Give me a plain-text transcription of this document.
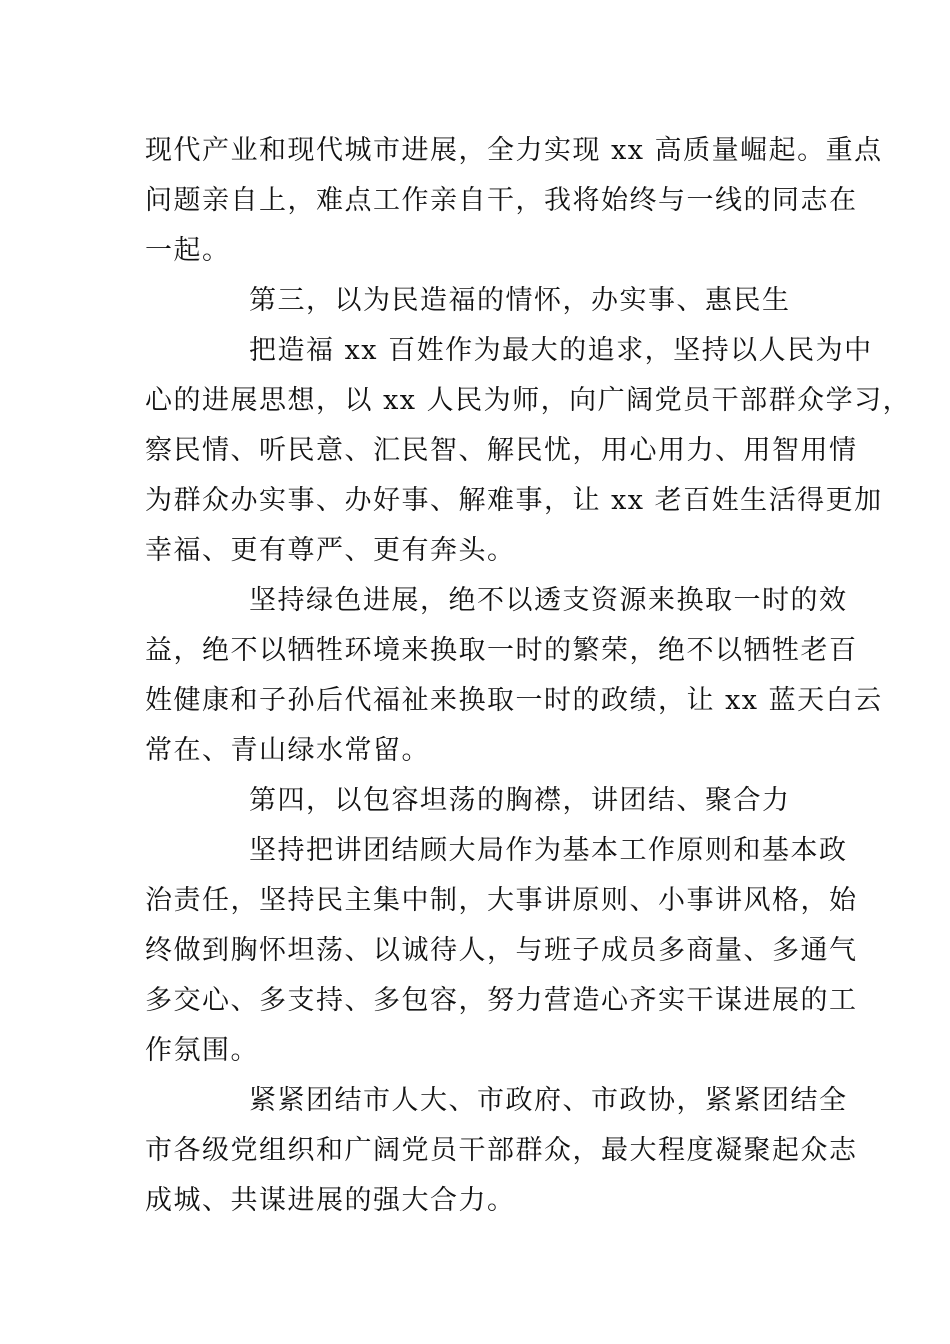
现代产业和现代城市进展，全力实现 xx 高质量崛起。重点
问题亲自上，难点工作亲自干，我将始终与一线的同志在
一起。
第三，以为民造福的情怀，办实事、惠民生
把造福 xx 百姓作为最大的追求，坚持以人民为中
心的进展思想，以 xx 人民为师，向广阔党员干部群众学习，
察民情、听民意、汇民智、解民忧，用心用力、用智用情
为群众办实事、办好事、解难事，让 xx 老百姓生活得更加
幸福、更有尊严、更有奔头。
坚持绿色进展，绝不以透支资源来换取一时的效
益，绝不以牺牲环境来换取一时的繁荣，绝不以牺牲老百
姓健康和子孙后代福祉来换取一时的政绩，让 xx 蓝天白云
常在、青山绿水常留。
第四，以包容坦荡的胸襟，讲团结、聚合力
坚持把讲团结顾大局作为基本工作原则和基本政
治责任，坚持民主集中制，大事讲原则、小事讲风格，始
终做到胸怀坦荡、以诚待人，与班子成员多商量、多通气
多交心、多支持、多包容，努力营造心齐实干谋进展的工
作氛围。
紧紧团结市人大、市政府、市政协，紧紧团结全
市各级党组织和广阔党员干部群众，最大程度凝聚起众志
成城、共谋进展的强大合力。
